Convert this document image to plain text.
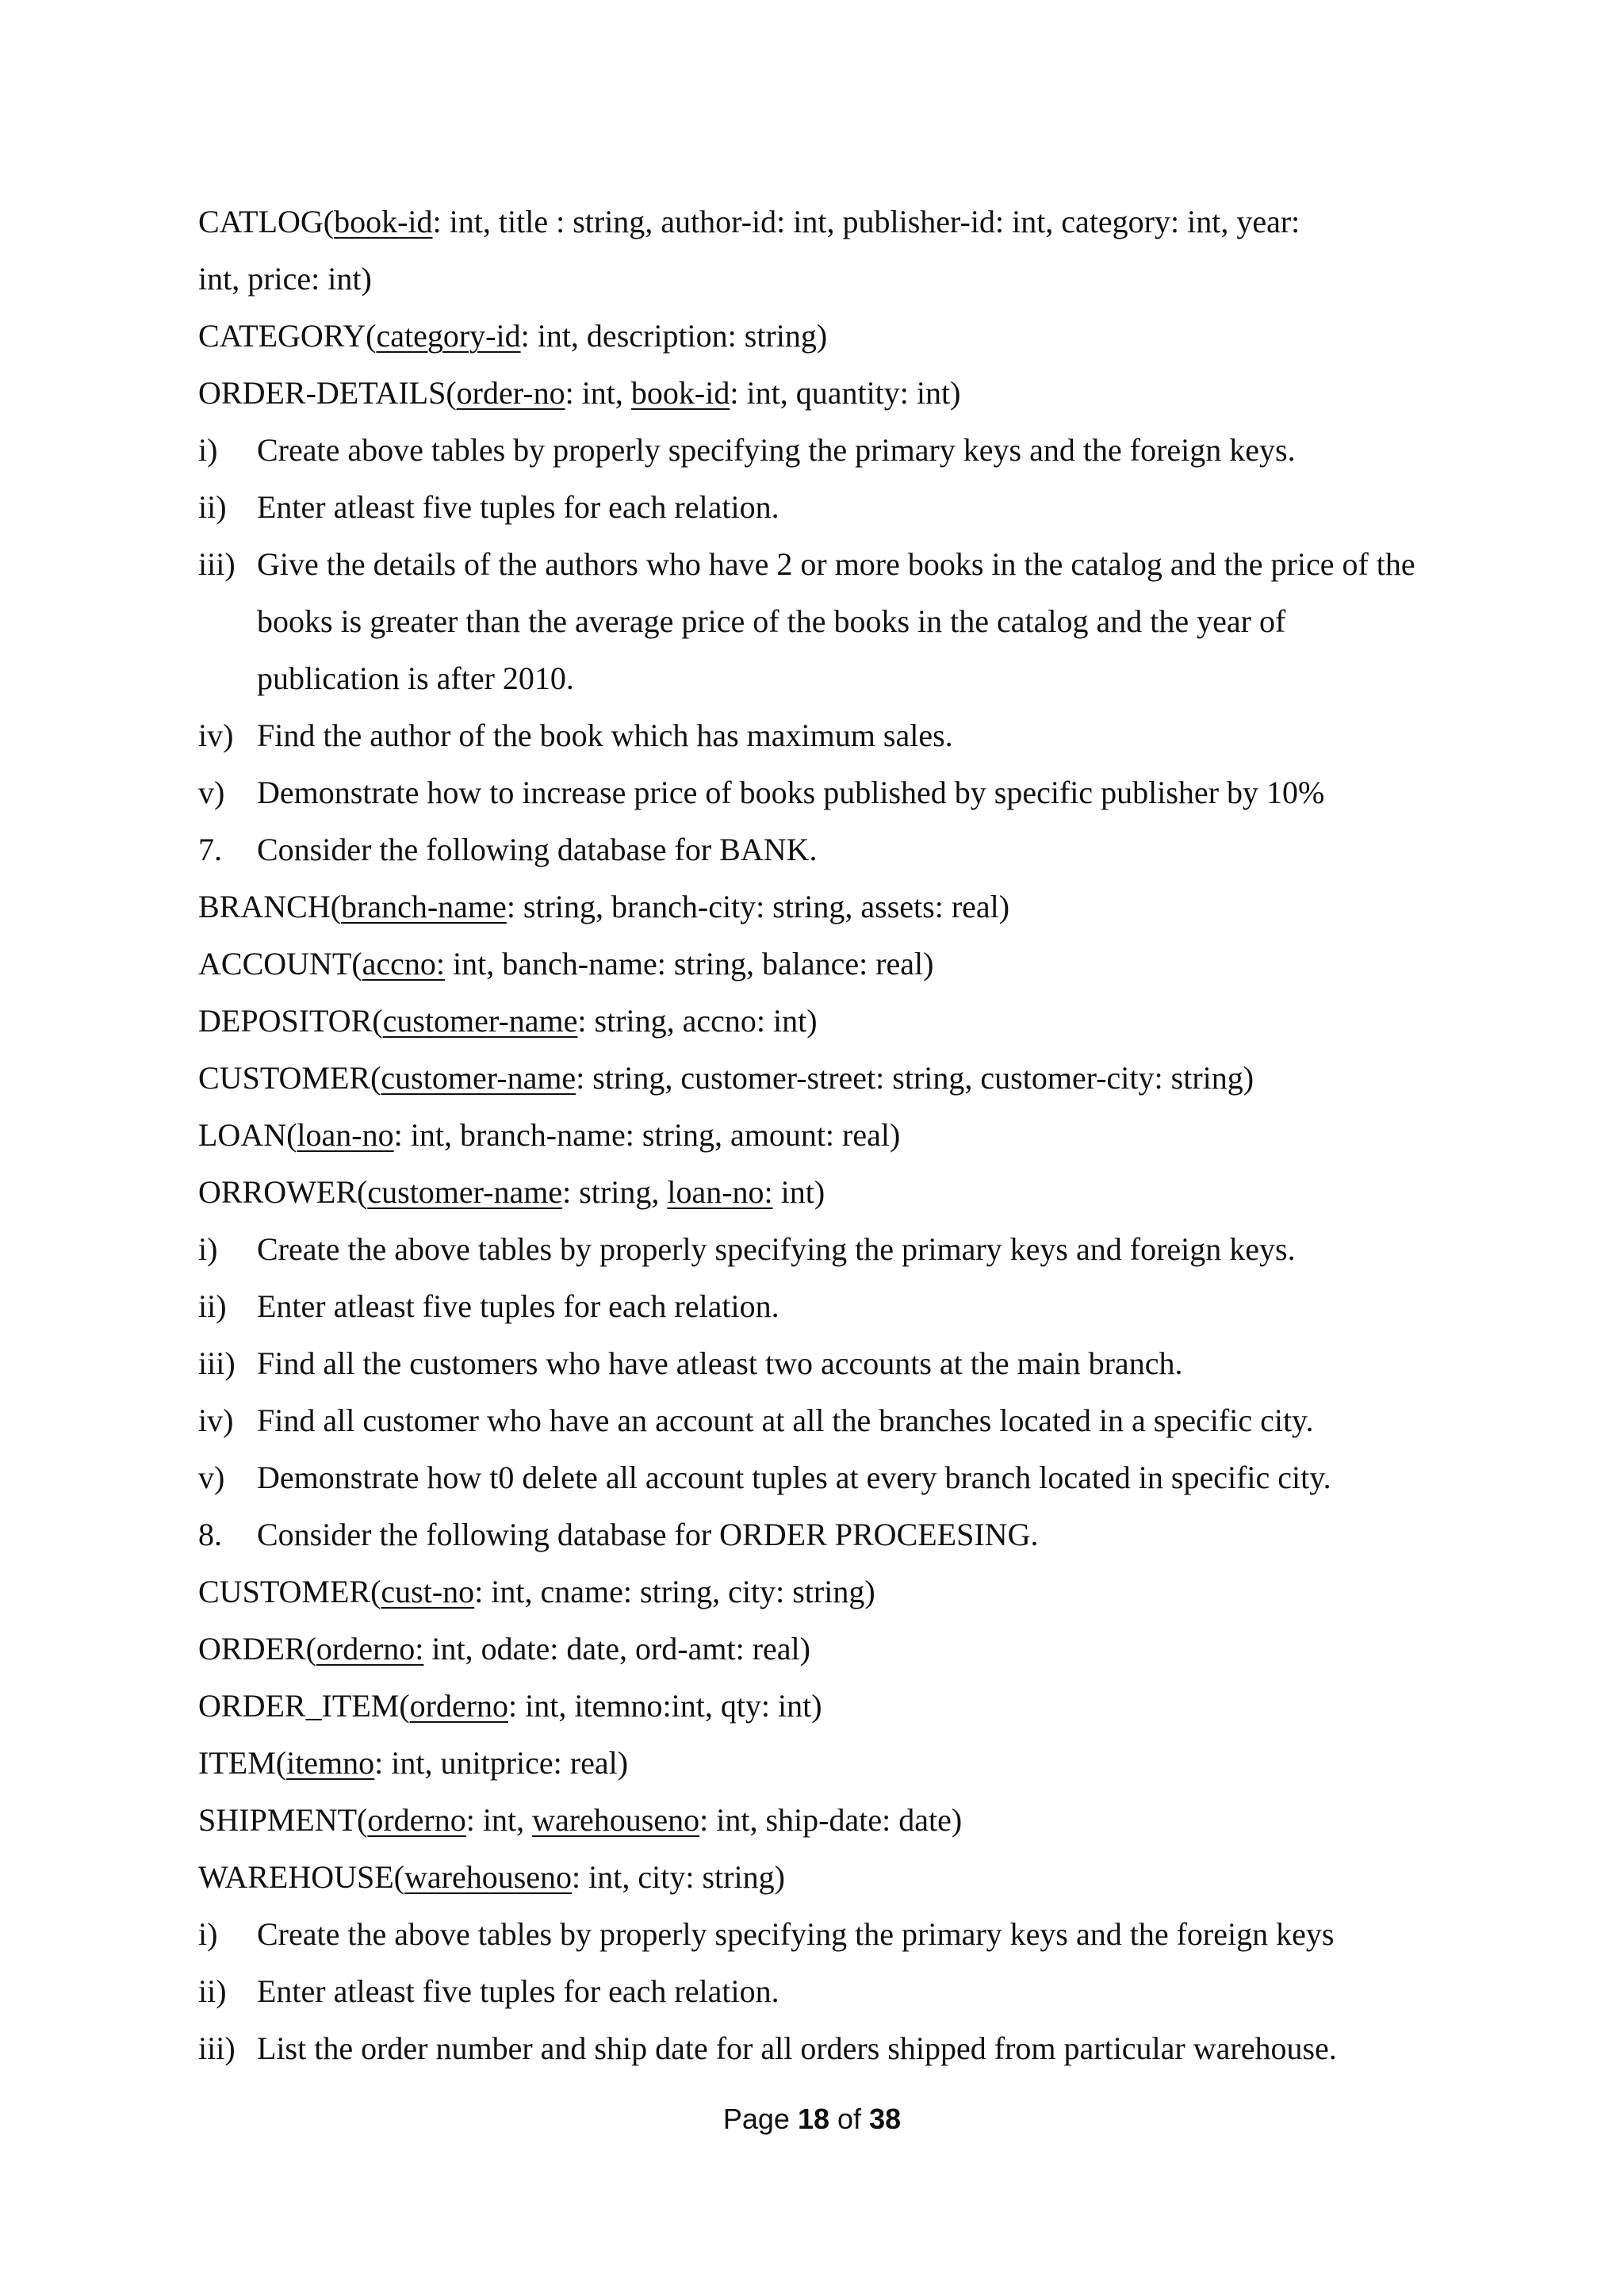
CATLOG(book-id: int, title : string, author-id: int, publisher-id: int, category: int, year:
int, price: int)
CATEGORY(category-id: int, description: string)
ORDER-DETAILS(order-no: int, book-id: int, quantity: int)
i)	Create above tables by properly specifying the primary keys and the foreign keys.
ii) Enter atleast five tuples for each relation.
iii) Give the details of the authors who have 2 or more books in the catalog and the price of the books is greater than the average price of the books in the catalog and the year of publication is after 2010.
iv) Find the author of the book which has maximum sales.
v)	Demonstrate how to increase price of books published by specific publisher by 10%
7.	Consider the following database for BANK.
BRANCH(branch-name: string, branch-city: string, assets: real)
ACCOUNT(accno: int, banch-name: string, balance: real)
DEPOSITOR(customer-name: string, accno: int)
CUSTOMER(customer-name: string, customer-street: string, customer-city: string)
LOAN(loan-no: int, branch-name: string, amount: real)
ORROWER(customer-name: string, loan-no: int)
i)	Create the above tables by properly specifying the primary keys and foreign keys.
ii) Enter atleast five tuples for each relation.
iii) Find all the customers who have atleast two accounts at the main branch.
iv) Find all customer who have an account at all the branches located in a specific city.
v)	Demonstrate how t0 delete all account tuples at every branch located in specific city.
8.	Consider the following database for ORDER PROCEESING.
CUSTOMER(cust-no: int, cname: string, city: string)
ORDER(orderno: int, odate: date, ord-amt: real)
ORDER_ITEM(orderno: int, itemno:int, qty: int)
ITEM(itemno: int, unitprice: real)
SHIPMENT(orderno: int, warehouseno: int, ship-date: date)
WAREHOUSE(warehouseno: int, city: string)
i)	Create the above tables by properly specifying the primary keys and the foreign keys
ii) Enter atleast five tuples for each relation.
iii) List the order number and ship date for all orders shipped from particular warehouse.
Page 18 of 38
